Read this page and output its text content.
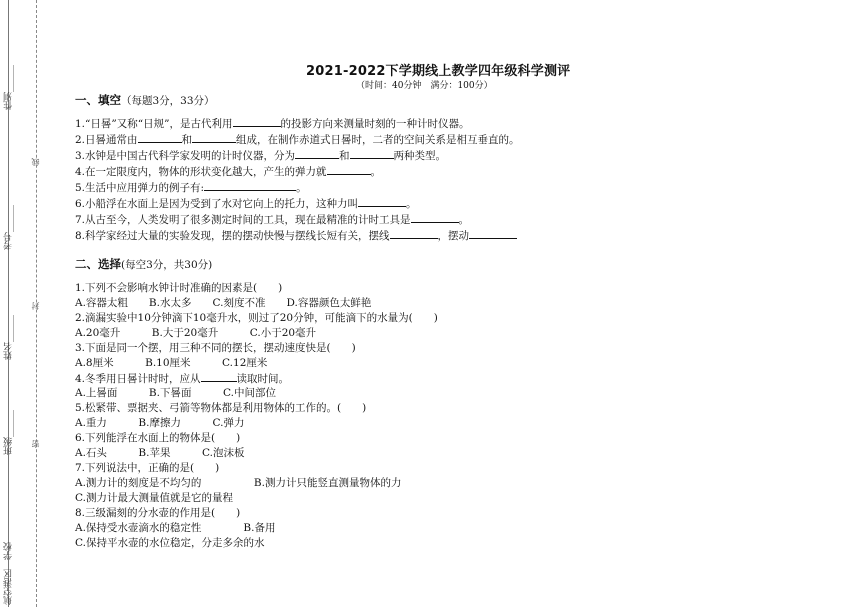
性别______
考号______
姓名______
班级______
学校
航空港区
线
封
密
2021-2022下学期线上教学四年级科学测评
（时间：40分钟　满分：100分）
一、填空（每题3分，33分）
1.“日晷”又称“日规”，是古代利用	的投影方向来测量时刻的一种计时仪器。
2.日晷通常由	和	组成，在制作赤道式日晷时，二者的空间关系是相互垂直的。
3.水钟是中国古代科学家发明的计时仪器，分为	和	两种类型。
4.在一定限度内，物体的形状变化越大，产生的弹力就	。
5.生活中应用弹力的例子有:	。
6.小船浮在水面上是因为受到了水对它向上的托力，这种力叫	。
7.从古至今，人类发明了很多测定时间的工具，现在最精准的计时工具是	。
8.科学家经过大量的实验发现，摆的摆动快慢与摆线长短有关，摆线	，摆动
二、选择(每空3分，共30分)
1.下列不会影响水钟计时准确的因素是(　　)
A.容器太粗　　B.水太多　　C.刻度不准　　D.容器颜色太鲜艳
2.滴漏实验中10分钟滴下10毫升水，则过了20分钟，可能滴下的水量为(　　)
A.20毫升　　　B.大于20毫升　　　C.小于20毫升
3.下面是同一个摆，用三种不同的摆长，摆动速度快是(　　)
A.8厘米　　　B.10厘米　　　C.12厘米
4.冬季用日晷计时时，应从	读取时间。
A.上晷面　　　B.下晷面　　　C.中间部位
5.松紧带、票据夹、弓箭等物体都是利用物体的工作的。(　　)
A.重力　　　B.摩擦力　　　C.弹力
6.下列能浮在水面上的物体是(　　)
A.石头　　　B.苹果　　　C.泡沫板
7.下列说法中，正确的是(　　)
A.测力计的刻度是不均匀的　　　　　B.测力计只能竖直测量物体的力
C.测力计最大测量值就是它的量程
8.三级漏刻的分水壶的作用是(　　)
A.保持受水壶滴水的稳定性　　　　B.备用
C.保持平水壶的水位稳定，分走多余的水
